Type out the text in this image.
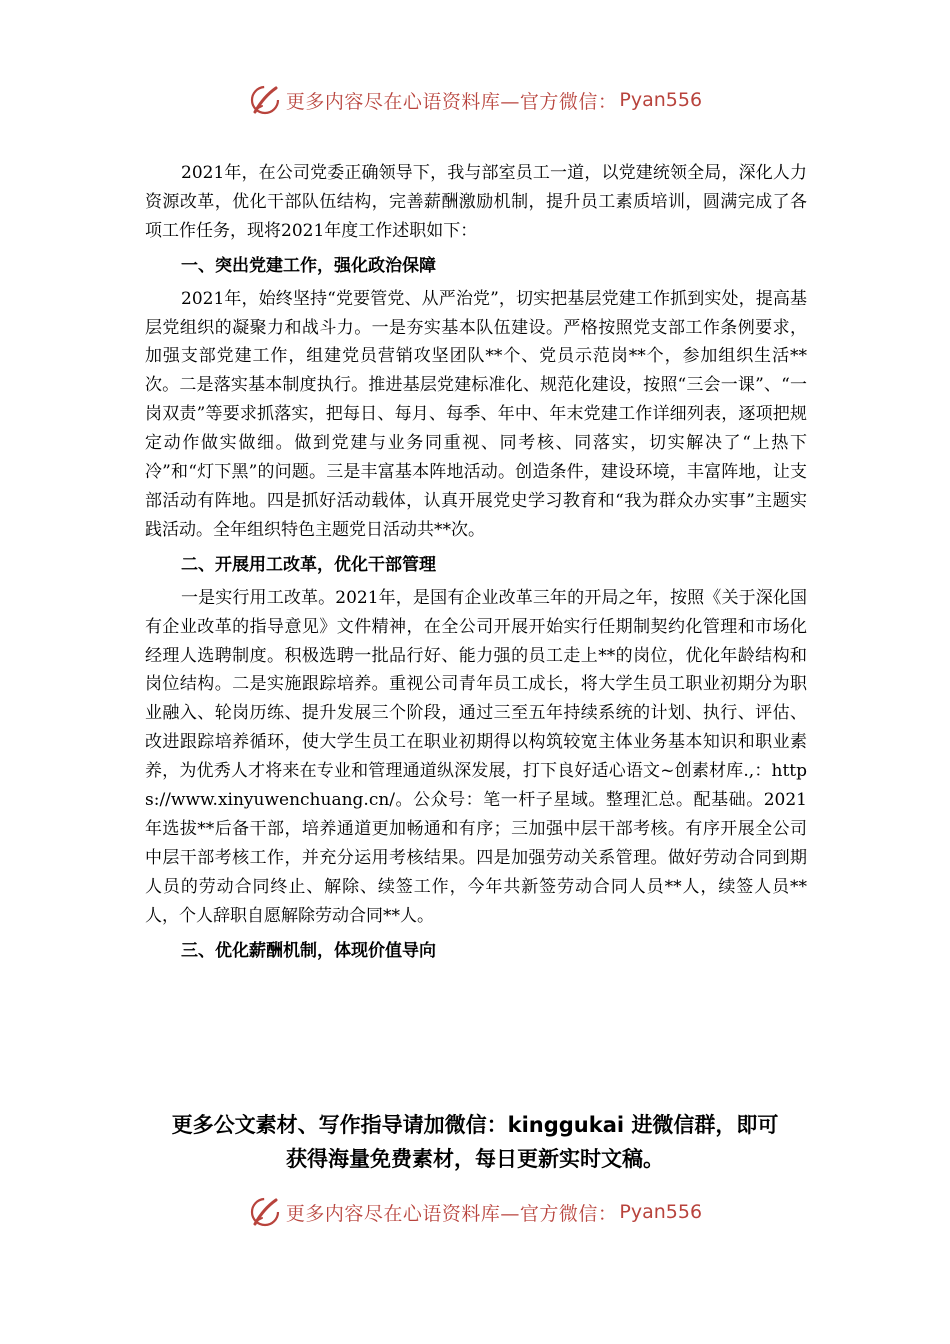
更多内容尽在心语资料库—官方微信： Pyan556

2021年，在公司党委正确领导下，我与部室员工一道，以党建统领全局，深化人力资源改革，优化干部队伍结构，完善薪酬激励机制，提升员工素质培训，圆满完成了各项工作任务，现将2021年度工作述职如下：

一、突出党建工作，强化政治保障

2021年，始终坚持“党要管党、从严治党”，切实把基层党建工作抓到实处，提高基层党组织的凝聚力和战斗力。一是夯实基本队伍建设。严格按照党支部工作条例要求，加强支部党建工作，组建党员营销攻坚团队**个、党员示范岗**个，参加组织生活**次。二是落实基本制度执行。推进基层党建标准化、规范化建设，按照“三会一课”、“一岗双责”等要求抓落实，把每日、每月、每季、年中、年末党建工作详细列表，逐项把规定动作做实做细。做到党建与业务同重视、同考核、同落实，切实解决了“上热下冷”和“灯下黑”的问题。三是丰富基本阵地活动。创造条件，建设环境，丰富阵地，让支部活动有阵地。四是抓好活动载体，认真开展党史学习教育和“我为群众办实事”主题实践活动。全年组织特色主题党日活动共**次。

二、开展用工改革，优化干部管理

一是实行用工改革。2021年，是国有企业改革三年的开局之年，按照《关于深化国有企业改革的指导意见》文件精神，在全公司开展开始实行任期制契约化管理和市场化经理人选聘制度。积极选聘一批品行好、能力强的员工走上**的岗位，优化年龄结构和岗位结构。二是实施跟踪培养。重视公司青年员工成长，将大学生员工职业初期分为职业融入、轮岗历练、提升发展三个阶段，通过三至五年持续系统的计划、执行、评估、改进跟踪培养循环，使大学生员工在职业初期得以构筑较宽主体业务基本知识和职业素养，为优秀人才将来在专业和管理通道纵深发展，打下良好适心语文~创素材库.,：https://www.xinyuwenchuang.cn/。公众号：笔一杆子星域。整理汇总。配基础。2021年选拔**后备干部，培养通道更加畅通和有序；三加强中层干部考核。有序开展全公司中层干部考核工作，并充分运用考核结果。四是加强劳动关系管理。做好劳动合同到期人员的劳动合同终止、解除、续签工作，今年共新签劳动合同人员**人，续签人员**人，个人辞职自愿解除劳动合同**人。

三、优化薪酬机制，体现价值导向

更多公文素材、写作指导请加微信：kinggukai 进微信群，即可
获得海量免费素材，每日更新实时文稿。
更多内容尽在心语资料库—官方微信： Pyan556
